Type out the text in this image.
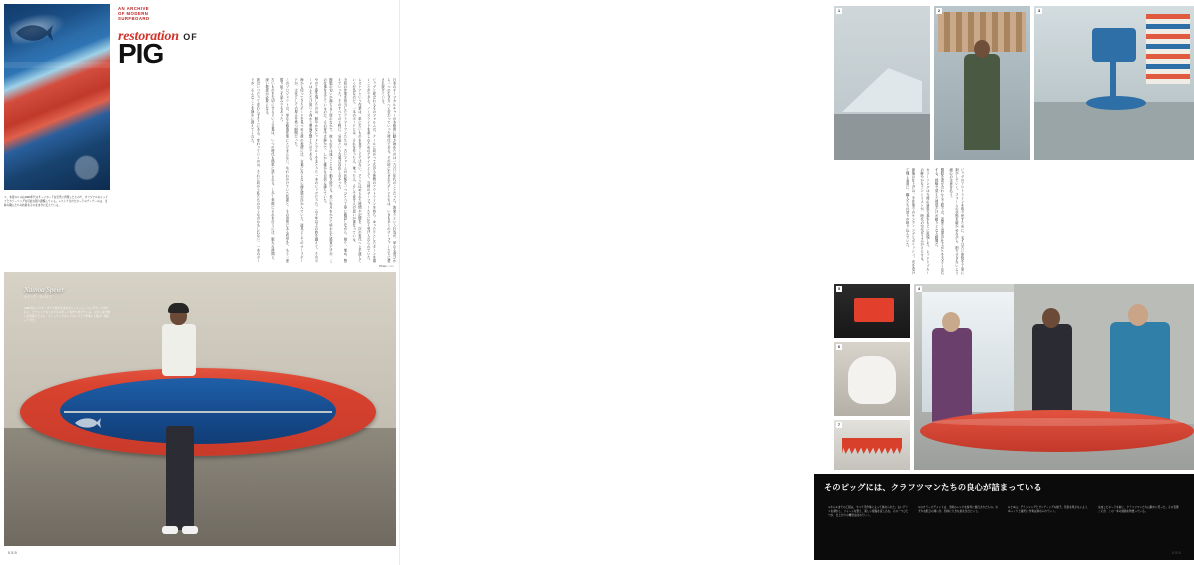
＊、本書のロゴは1960年代のサーフボードを忠実に再現したもので、オリジナルのシェイプとカラーリングを可能な限り踏襲している。レストアされたボードのディテールは、当時の職人たちの技術をそのまま今に伝えている。
AN ARCHIVE
OF MODERN
SURFBOARD
restoration OF
PIG
日本のサーフカルチャーが本格的に動き始めたのは一九六〇年代のことだった。波乗りという行為が、単なる遊びから一つの生き方へと変わっていった時代である。その頃に生まれたボードたちは、いまも多くのサーファーたちに愛され続けている。
ピッグと呼ばれるそのフォルムは、テールに向かって広がる独特のアウトラインを持ち、ゆったりとしたターンを描くことができる。ノーズライドを楽しむためのデザインとして、当時のサーファーたちに広く受け入れられていた。
レストアという作業は、単に古いものを直すことではない。そこに込められた時間や記憶を、次の世代へと手渡していく行為なのだ。一本のボードには、それを作った人、乗った人、そして直す人の思いが重なっている。
今回の作業を担当したクラフトマンたちは、古いフォームの状態を一つひとつ丁寧に確認しながら、削り、埋め、整えていった。そのすべての工程に、妥協という言葉は存在しなかった。
樹脂の匂いが満ちる工房のなかで、彼らの手は迷うことなく動き続ける。長い年月をかけて培われた感覚だけが、この仕事を支えているのだ。その背中は静かで、しかし確かな自信に満ちていた。
やがて姿を現したのは、鮮やかなレッドとブルーをまとった一本のピッグだった。五十年以上の時を越えて、そのボードはふたたび波へと向かう準備を整えたのである。
海から戻ってきたボードを見つめる彼の表情には、言葉にならない満足感が浮かんでいた。道具としてのサーフボードが、文化としての厚みを持つ瞬間だった。
このプロジェクトは、単なる修復作業にとどまらない。失われかけていた技術と、その背景にある哲学を、もう一度掘り起こす試みでもあった。
古いものを大切にするという言葉は、いつの時代も簡単に語られる。しかし実際にそれを行うには、膨大な時間と、深い敬意が必要になる。
波はいつだって変わらずそこにある。変わっていくのは、それに向かう私たちのほうなのかもしれない。一本のボードが、そんなことを静かに教えてくれた。
Photo : ○○○
Nainoa Speier
ナイノア・スパイア
1961年にハワイ・オアフ島で生まれたシェイパー。ロングボードを中心に、クラシックなスタイルのボードを作り続けている。父から受け継いだ技術とともに、ヴィンテージボードのレストア作業にも数多く携わってきた。
055
1	2	3
ピッグのアウトラインを取り戻すために、まずは古い塗装を丁寧に剥がしていく。フォームの状態を確かめながら、削りすぎないよう細心の注意を払う。
樹脂を混ぜ合わせる工程では、温度と湿度が仕上がりを大きく左右する。経験で覚えた感覚だけが頼りとなる瞬間だ。
カラーリングは当時の資料写真をもとに再現した。レッドとブルーの鮮やかなコントラストが、時代の空気をよみがえらせる。
最後の仕上げは、手作業でのサンディングとポリッシュ。光を受けて輝く表面に、職人たちの誇りが映り込んでいた。
5
6
7
4
そのピッグには、クラフツマンたちの良心が詰まっている
①から④までの工程は、すべて手作業によって進められた。古いグラスを剥がし、フォームを整え、新しい樹脂を流し込む。その一つひとつが、仕上がりの精度を決めていく。
⑤のカラーピグメントは、当時のレシピを参考に調合されたもの。わずかな配合の違いが、色味に大きな差を生むという。
⑥と⑦は、グラッシングとサンディングの様子。気泡を残さないよう、ゆっくりと確実に作業は進められていく。
完成したボードを前に、クラフツマンたちは静かに笑った。その表情こそが、この一本の価値を物語っている。
055
